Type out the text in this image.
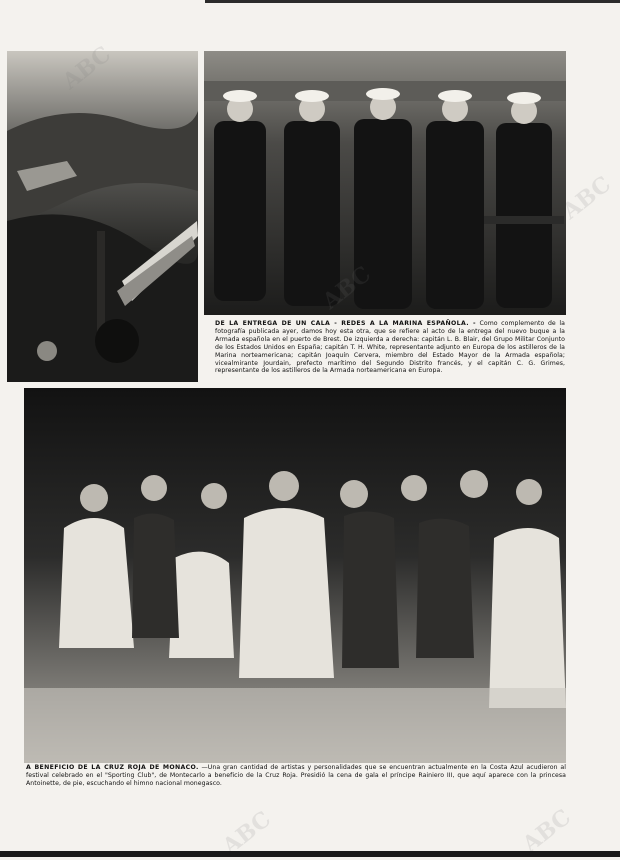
DE LA ENTREGA DE UN CALA - REDES A LA MARINA ESPAÑOLA. - Como complemento de la fotografía publicada ayer, damos hoy esta otra, que se refiere al acto de la entrega del nuevo buque a la Armada española en el puerto de Brest. De izquierda a derecha: capitán L. B. Blair, del Grupo Militar Conjunto de los Estados Unidos en España; capitán T. H. White, representante adjunto en Europa de los astilleros de la Marina norteamericana; capitán Joaquín Cervera, miembro del Estado Mayor de la Armada española; vicealmirante Jourdain, prefecto marítimo del Segundo Distrito francés, y el capitán C. G. Grimes, representante de los astilleros de la Armada norteamericana en Europa.
A BENEFICIO DE LA CRUZ ROJA DE MONACO. —Una gran cantidad de artistas y personalidades que se encuentran actualmente en la Costa Azul acudieron al festival celebrado en el "Sporting Club", de Montecarlo a beneficio de la Cruz Roja. Presidió la cena de gala el príncipe Rainiero III, que aquí aparece con la princesa Antoinette, de pie, escuchando el himno nacional monegasco.
ABC
ABC	ABC
